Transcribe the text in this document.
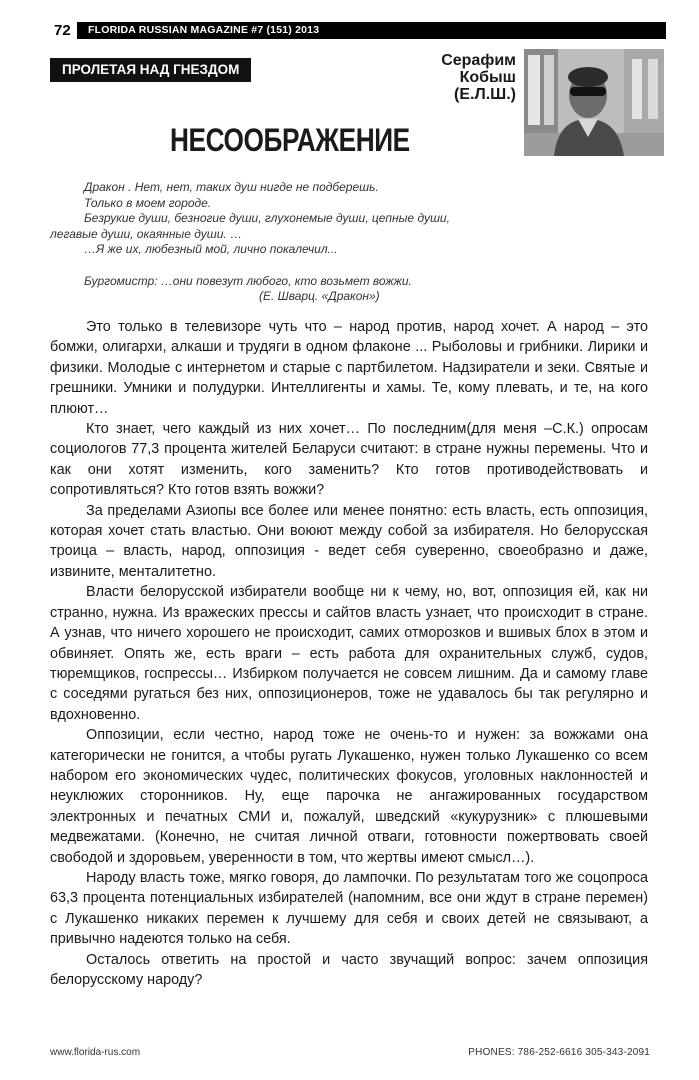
72	FLORIDA RUSSIAN MAGAZINE #7 (151) 2013
ПРОЛЕТАЯ НАД ГНЕЗДОМ
Серафим
Кобыш
(Е.Л.Ш.)
НЕСООБРАЖЕНИЕ

Дракон . Нет, нет, таких душ нигде не подберешь.

Только в моем городе.

Безрукие души, безногие души, глухонемые души, цепные души,

легавые души, окаянные души. …

…Я же их, любезный мой, лично покалечил...

Бургомистр: …они повезут любого, кто возьмет вожжи.

(Е. Шварц. «Дракон»)

Это только в телевизоре чуть что – народ против, народ хочет. А народ – это бомжи, олигархи, алкаши и трудяги в одном флаконе ... Рыболовы и грибники. Лирики и физики. Молодые с интернетом и старые с партбилетом. Надзиратели и зеки. Святые и грешники. Умники и полудурки. Интеллигенты и хамы. Те, кому плевать, и те, на кого плюют…

Кто знает, чего каждый из них хочет… По последним(для меня –С.К.) опросам социологов 77,3 процента жителей Беларуси считают: в стране нужны перемены. Что и как они хотят изменить, кого заменить? Кто готов противодействовать и сопротивляться? Кто готов взять вожжи?

За пределами Азиопы все более или менее понятно: есть власть, есть оппозиция, которая хочет стать властью. Они воюют между собой за избирателя. Но белорусская троица – власть, народ, оппозиция - ведет себя суверенно, своеобразно и даже, извините, менталитетно.

Власти белорусской избиратели вообще ни к чему, но, вот, оппозиция ей, как ни странно, нужна. Из вражеских прессы и сайтов власть узнает, что происходит в стране. А узнав, что ничего хорошего не происходит, самих отморозков и вшивых блох в этом и обвиняет. Опять же, есть враги – есть работа для охранительных служб, судов, тюремщиков, госпрессы… Избирком получается не совсем лишним. Да и самому главе с соседями ругаться без них, оппозиционеров, тоже не удавалось бы так регулярно и вдохновенно.

Оппозиции, если честно, народ тоже не очень-то и нужен: за вожжами она категорически не гонится, а чтобы ругать Лукашенко, нужен только Лукашенко со всем набором его экономических чудес, политических фокусов, уголовных наклонностей и неуклюжих сторонников. Ну, еще парочка не ангажированных государством электронных и печатных СМИ и, пожалуй, шведский «кукурузник» с плюшевыми медвежатами. (Конечно, не считая личной отваги, готовности пожертвовать своей свободой и здоровьем, уверенности в том, что жертвы имеют смысл…).

Народу власть тоже, мягко говоря, до лампочки. По результатам того же соцопроса 63,3 процента потенциальных избирателей (напомним, все они ждут в стране перемен) с Лукашенко никаких перемен к лучшему для себя и своих детей не связывают, а привычно надеются только на себя.

Осталось ответить на простой и часто звучащий вопрос: зачем оппозиция белорусскому народу?

www.florida-rus.com	PHONES: 786-252-6616 305-343-2091
